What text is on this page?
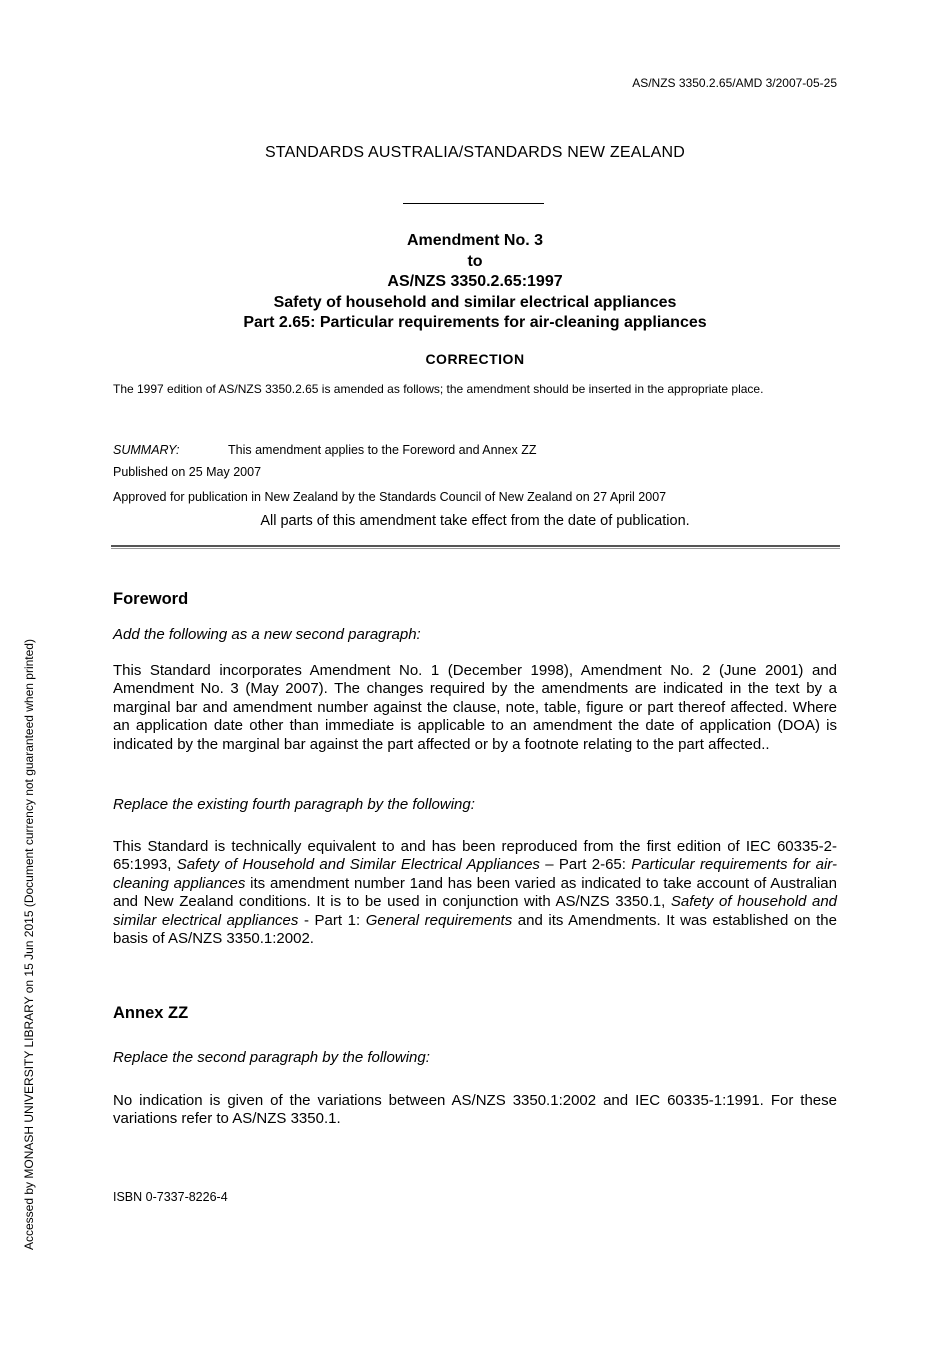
AS/NZS 3350.2.65/AMD 3/2007-05-25
STANDARDS AUSTRALIA/STANDARDS NEW ZEALAND
Amendment No. 3
to
AS/NZS 3350.2.65:1997
Safety of household and similar electrical appliances
Part 2.65: Particular requirements for air-cleaning appliances
CORRECTION
The 1997 edition of AS/NZS 3350.2.65 is amended as follows; the amendment should be inserted in the appropriate place.
SUMMARY:	This amendment applies to the Foreword and Annex ZZ
Published on 25 May 2007
Approved for publication in New Zealand by the Standards Council of New Zealand on 27 April 2007
All parts of this amendment take effect from the date of publication.
Foreword
Add the following as a new second paragraph:
This Standard incorporates Amendment No. 1 (December 1998), Amendment No. 2 (June 2001) and Amendment No. 3 (May 2007). The changes required by the amendments are indicated in the text by a marginal bar and amendment number against the clause, note, table, figure or part thereof affected. Where an application date other than immediate is applicable to an amendment the date of application (DOA) is indicated by the marginal bar against the part affected or by a footnote relating to the part affected..
Replace the existing fourth paragraph by the following:
This Standard is technically equivalent to and has been reproduced from the first edition of IEC 60335-2-65:1993, Safety of Household and Similar Electrical Appliances – Part 2-65: Particular requirements for air-cleaning appliances its amendment number 1and has been varied as indicated to take account of Australian and New Zealand conditions. It is to be used in conjunction with AS/NZS 3350.1, Safety of household and similar electrical appliances - Part 1: General requirements and its Amendments. It was established on the basis of AS/NZS 3350.1:2002.
Annex ZZ
Replace the second paragraph by the following:
No indication is given of the variations between AS/NZS 3350.1:2002 and IEC 60335-1:1991. For these variations refer to AS/NZS 3350.1.
ISBN 0-7337-8226-4
Accessed by MONASH UNIVERSITY LIBRARY on 15 Jun 2015 (Document currency not guaranteed when printed)
